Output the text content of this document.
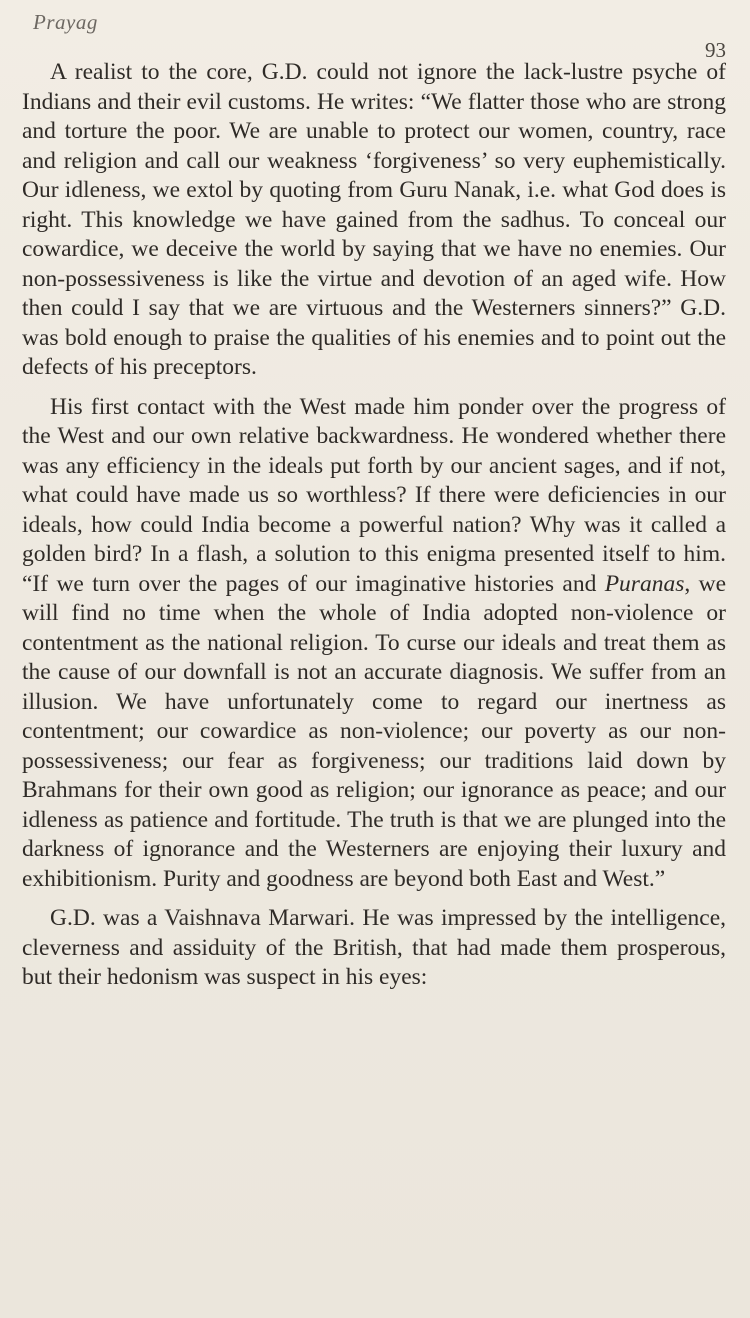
Prayag
93

A realist to the core, G.D. could not ignore the lack-lustre psyche of Indians and their evil customs. He writes: “We flatter those who are strong and torture the poor. We are unable to protect our women, country, race and religion and call our weakness ‘forgiveness’ so very euphemistically. Our idleness, we extol by quoting from Guru Nanak, i.e. what God does is right. This knowledge we have gained from the sadhus. To conceal our cowardice, we deceive the world by saying that we have no enemies. Our non-possessiveness is like the virtue and devotion of an aged wife. How then could I say that we are virtuous and the Westerners sinners?” G.D. was bold enough to praise the qualities of his enemies and to point out the defects of his preceptors.

His first contact with the West made him ponder over the progress of the West and our own relative backwardness. He wondered whether there was any efficiency in the ideals put forth by our ancient sages, and if not, what could have made us so worthless? If there were deficiencies in our ideals, how could India become a powerful nation? Why was it called a golden bird? In a flash, a solution to this enigma presented itself to him. “If we turn over the pages of our imaginative histories and Puranas, we will find no time when the whole of India adopted non-violence or contentment as the national religion. To curse our ideals and treat them as the cause of our downfall is not an accurate diagnosis. We suffer from an illusion. We have unfortunately come to regard our inertness as contentment; our cowardice as non-violence; our poverty as our non-possessiveness; our fear as forgiveness; our traditions laid down by Brahmans for their own good as religion; our ignorance as peace; and our idleness as patience and fortitude. The truth is that we are plunged into the darkness of ignorance and the Westerners are enjoying their luxury and exhibitionism. Purity and goodness are beyond both East and West.”

G.D. was a Vaishnava Marwari. He was impressed by the intelligence, cleverness and assiduity of the British, that had made them prosperous, but their hedonism was suspect in his eyes:
